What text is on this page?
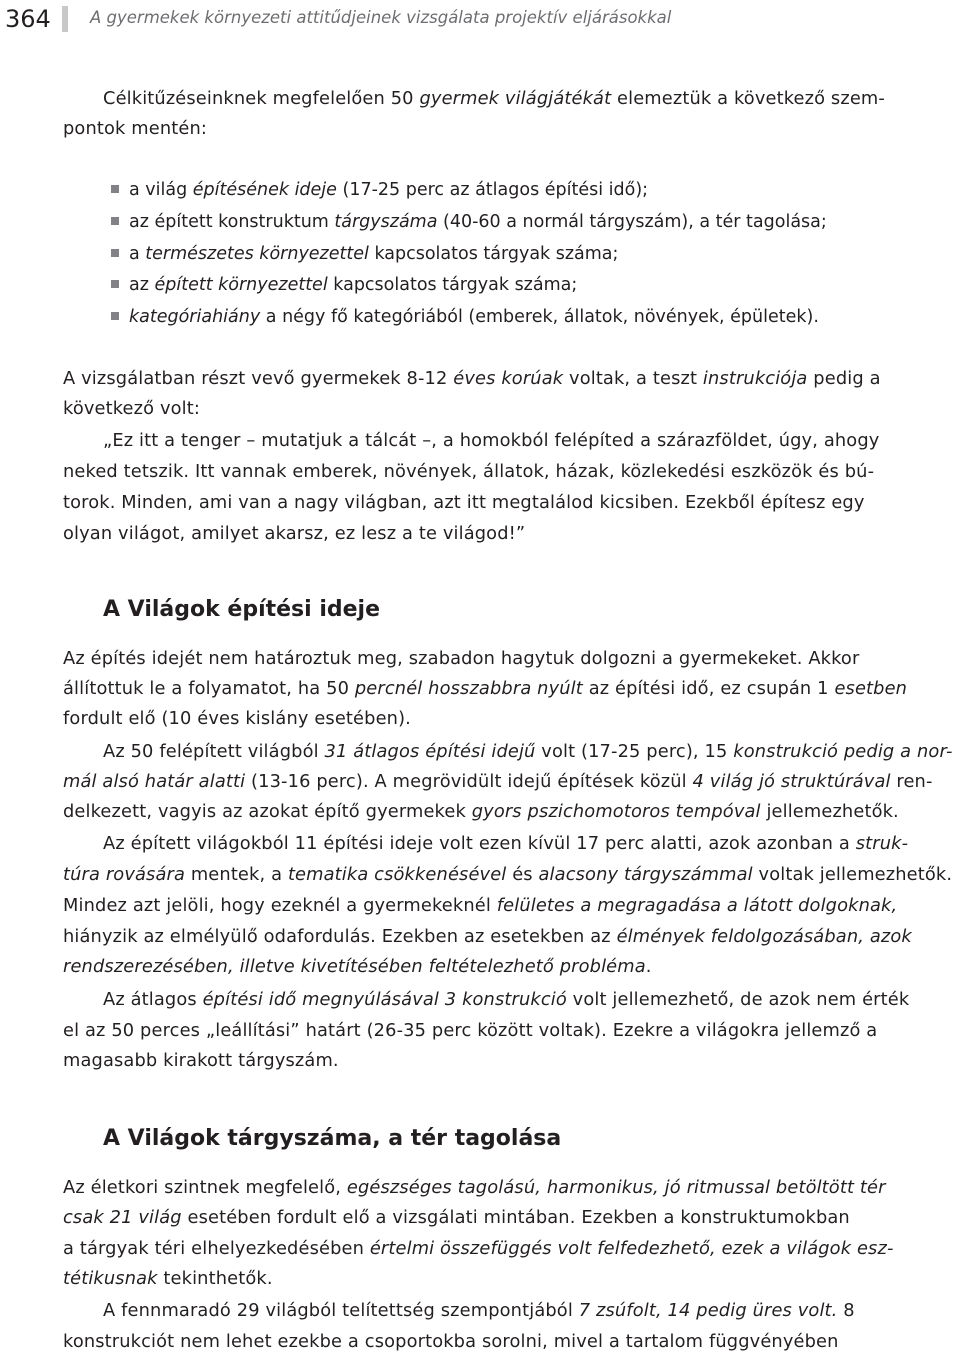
364 A gyermekek környezeti attitűdjeinek vizsgálata projektív eljárásokkal
Célkitűzéseinknek megfelelően 50 gyermek világjátékát elemeztük a következő szem-
pontok mentén:
a világ építésének ideje (17-25 perc az átlagos építési idő);
az épített konstruktum tárgyszáma (40-60 a normál tárgyszám), a tér tagolása;
a természetes környezettel kapcsolatos tárgyak száma;
az épített környezettel kapcsolatos tárgyak száma;
kategóriahiány a négy fő kategóriából (emberek, állatok, növények, épületek).
A vizsgálatban részt vevő gyermekek 8-12 éves korúak voltak, a teszt instrukciója pedig a
következő volt:
„Ez itt a tenger – mutatjuk a tálcát –, a homokból felépíted a szárazföldet, úgy, ahogy
neked tetszik. Itt vannak emberek, növények, állatok, házak, közlekedési eszközök és bú-
torok. Minden, ami van a nagy világban, azt itt megtalálod kicsiben. Ezekből építesz egy
olyan világot, amilyet akarsz, ez lesz a te világod!”
A Világok építési ideje
Az építés idejét nem határoztuk meg, szabadon hagytuk dolgozni a gyermekeket. Akkor
állítottuk le a folyamatot, ha 50 percnél hosszabbra nyúlt az építési idő, ez csupán 1 esetben
fordult elő (10 éves kislány esetében).
Az 50 felépített világból 31 átlagos építési idejű volt (17-25 perc), 15 konstrukció pedig a nor-
mál alsó határ alatti (13-16 perc). A megrövidült idejű építések közül 4 világ jó struktúrával ren-
delkezett, vagyis az azokat építő gyermekek gyors pszichomotoros tempóval jellemezhetők.
Az épített világokból 11 építési ideje volt ezen kívül 17 perc alatti, azok azonban a struk-
túra rovására mentek, a tematika csökkenésével és alacsony tárgyszámmal voltak jellemezhetők.
Mindez azt jelöli, hogy ezeknél a gyermekeknél felületes a megragadása a látott dolgoknak,
hiányzik az elmélyülő odafordulás. Ezekben az esetekben az élmények feldolgozásában, azok
rendszerezésében, illetve kivetítésében feltételezhető probléma.
Az átlagos építési idő megnyúlásával 3 konstrukció volt jellemezhető, de azok nem érték
el az 50 perces „leállítási” határt (26-35 perc között voltak). Ezekre a világokra jellemző a
magasabb kirakott tárgyszám.
A Világok tárgyszáma, a tér tagolása
Az életkori szintnek megfelelő, egészséges tagolású, harmonikus, jó ritmussal betöltött tér
csak 21 világ esetében fordult elő a vizsgálati mintában. Ezekben a konstruktumokban
a tárgyak téri elhelyezkedésében értelmi összefüggés volt felfedezhető, ezek a világok esz-
tétikusnak tekinthetők.
A fennmaradó 29 világból telítettség szempontjából 7 zsúfolt, 14 pedig üres volt. 8
konstrukciót nem lehet ezekbe a csoportokba sorolni, mivel a tartalom függvényében
